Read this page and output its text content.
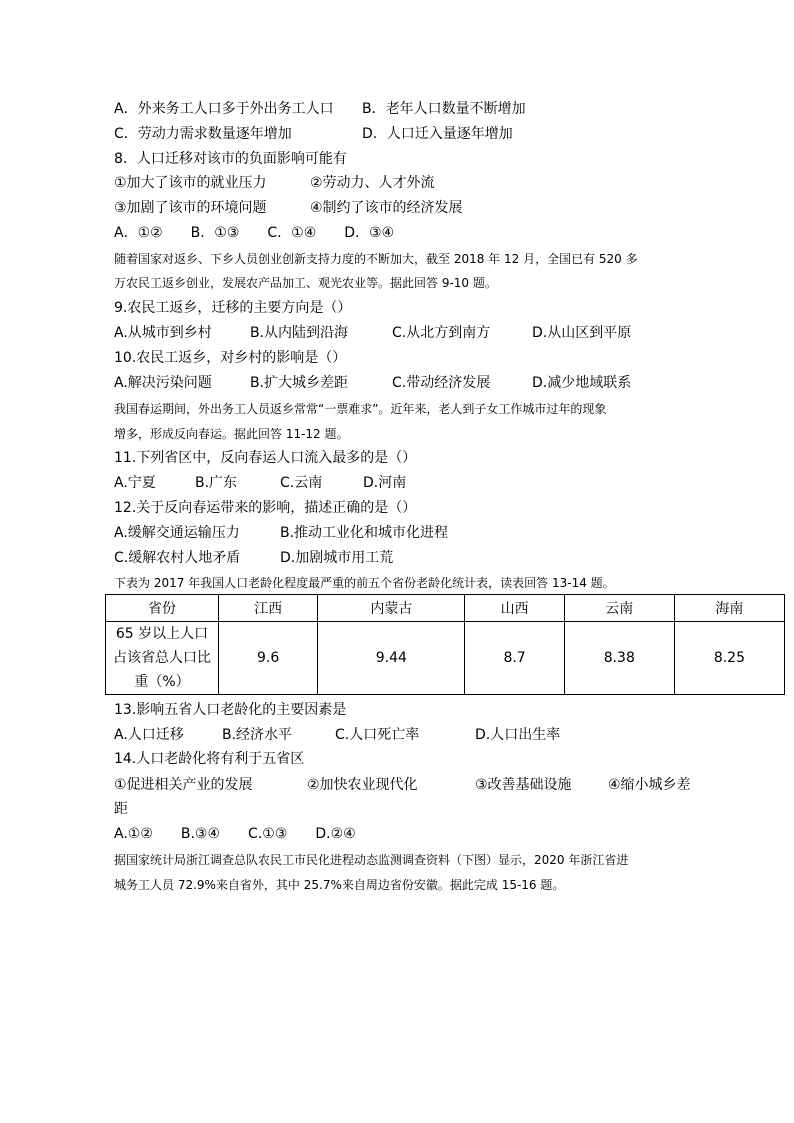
A．外来务工人口多于外出务工人口 B．老年人口数量不断增加
C．劳动力需求数量逐年增加	D．人口迁入量逐年增加
8．人口迁移对该市的负面影响可能有
①加大了该市的就业压力	②劳动力、人才外流
③加剧了该市的环境问题	④制约了该市的经济发展
A．①②　　B．①③　　C．①④　　D．③④
随着国家对返乡、下乡人员创业创新支持力度的不断加大，截至 2018 年 12 月，全国已有 520 多
万农民工返乡创业，发展农产品加工、观光农业等。据此回答 9-10 题。
9.农民工返乡，迁移的主要方向是（）
A.从城市到乡村	B.从内陆到沿海	C.从北方到南方	D.从山区到平原
10.农民工返乡，对乡村的影响是（）
A.解决污染问题	B.扩大城乡差距	C.带动经济发展	D.减少地域联系
我国春运期间，外出务工人员返乡常常“一票难求”。近年来，老人到子女工作城市过年的现象
增多，形成反向春运。据此回答 11-12 题。
11.下列省区中，反向春运人口流入最多的是（）
A.宁夏	B.广东	C.云南	D.河南
12.关于反向春运带来的影响，描述正确的是（）
A.缓解交通运输压力	B.推动工业化和城市化进程
C.缓解农村人地矛盾	D.加剧城市用工荒
下表为 2017 年我国人口老龄化程度最严重的前五个省份老龄化统计表，读表回答 13-14 题。
省份	江西	内蒙古	山西	云南	海南

65 岁以上人口
占该省总人口比
重（%）	9.6	9.44	8.7	8.38	8.25
13.影响五省人口老龄化的主要因素是
A.人口迁移	B.经济水平	C.人口死亡率	D.人口出生率
14.人口老龄化将有利于五省区
①促进相关产业的发展	②加快农业现代化	③改善基础设施	④缩小城乡差
距
A.①②　　B.③④　　C.①③　　D.②④
据国家统计局浙江调查总队农民工市民化进程动态监测调查资料（下图）显示，2020 年浙江省进
城务工人员 72.9%来自省外，其中 25.7%来自周边省份安徽。据此完成 15-16 题。
